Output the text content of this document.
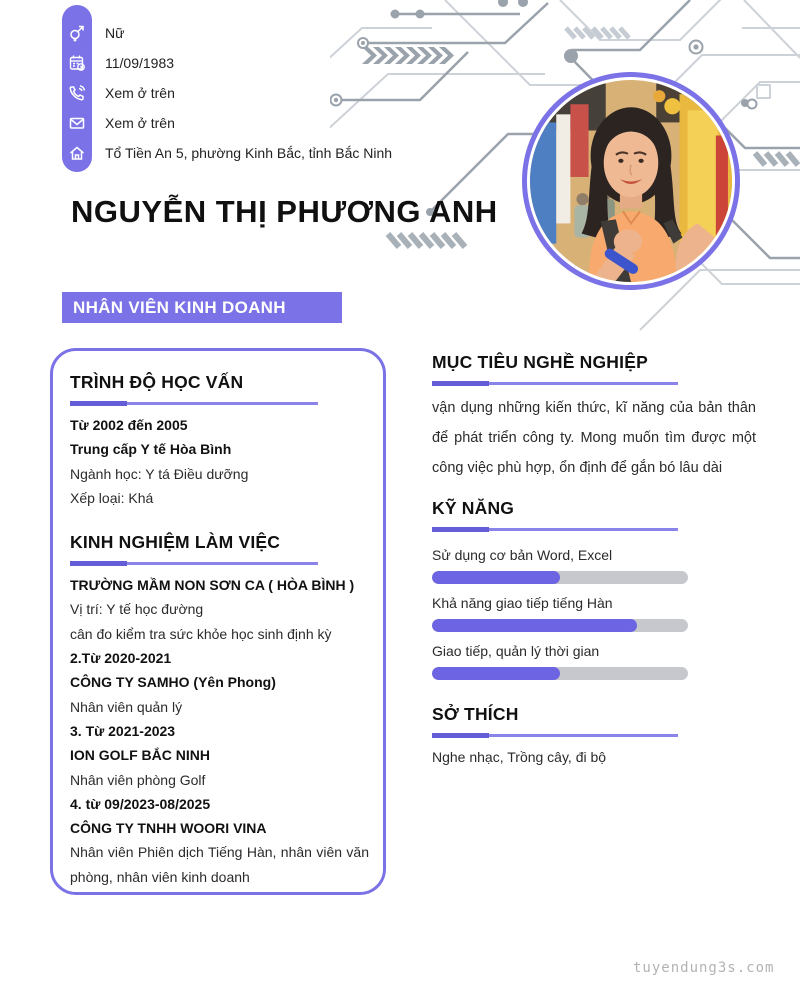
Nữ
11/09/1983
Xem ở trên
Xem ở trên
Tổ Tiền An 5, phường Kinh Bắc, tỉnh Bắc Ninh
NGUYỄN THỊ PHƯƠNG ANH
NHÂN VIÊN KINH DOANH
TRÌNH ĐỘ HỌC VẤN
Từ 2002 đến 2005
Trung cấp Y tế Hòa Bình
Ngành học: Y tá Điều dưỡng
Xếp loại: Khá
KINH NGHIỆM LÀM VIỆC
TRƯỜNG MẦM NON SƠN CA ( HÒA BÌNH )
Vị trí: Y tế học đường
cân đo kiểm tra sức khỏe học sinh định kỳ
2.Từ 2020-2021
CÔNG TY SAMHO (Yên Phong)
Nhân viên quản lý
3. Từ 2021-2023
ION GOLF BẮC NINH
Nhân viên phòng Golf
4. từ 09/2023-08/2025
CÔNG TY TNHH WOORI VINA
Nhân viên Phiên dịch Tiếng Hàn, nhân viên văn phòng, nhân viên kinh doanh
MỤC TIÊU NGHỀ NGHIỆP

vận dụng những kiến thức, kĩ năng của bản thân để phát triển công ty. Mong muốn tìm được một công việc phù hợp, ổn định để gắn bó lâu dài

KỸ NĂNG
Sử dụng cơ bản Word, Excel
Khả năng giao tiếp tiếng Hàn
Giao tiếp, quản lý thời gian
SỞ THÍCH
Nghe nhạc, Trồng cây, đi bộ
tuyendung3s.com
